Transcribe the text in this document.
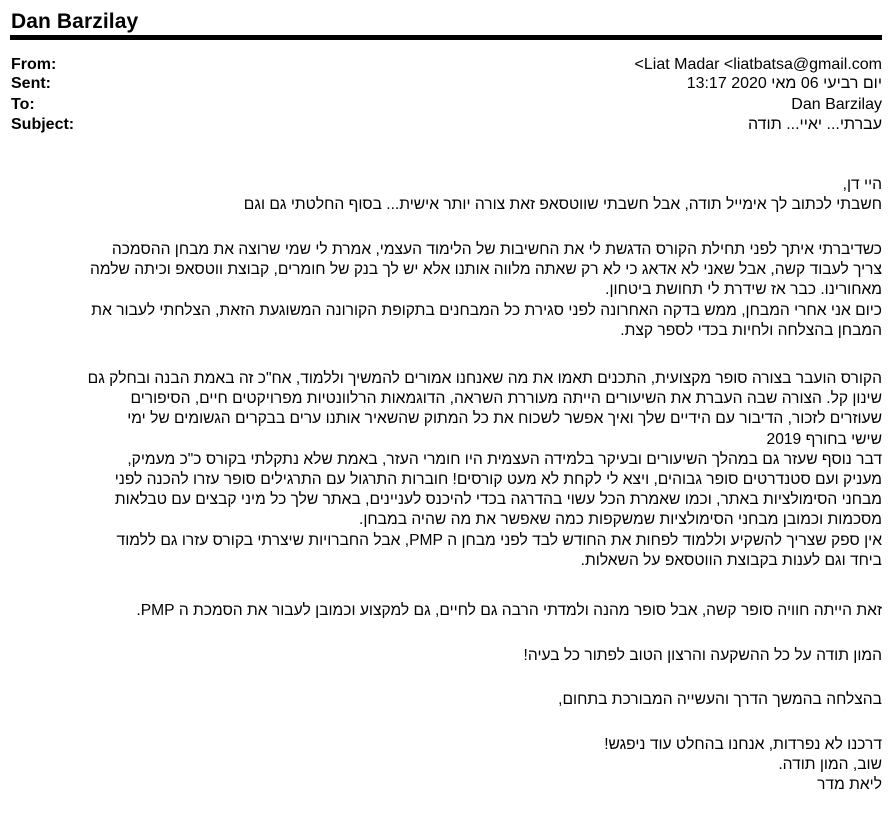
Dan Barzilay
From:
Sent:
To:
Subject:
<Liat Madar <liatbatsa@gmail.com
יום רביעי 06 מאי 2020 13:17
Dan Barzilay
עברתי... יאיי... תודה
היי דן,
חשבתי לכתוב לך אימייל תודה, אבל חשבתי שווטסאפ זאת צורה יותר אישית... בסוף החלטתי גם וגם
כשדיברתי איתך לפני תחילת הקורס הדגשת לי את החשיבות של הלימוד העצמי, אמרת לי שמי שרוצה את מבחן ההסמכה
צריך לעבוד קשה, אבל שאני לא אדאג כי לא רק שאתה מלווה אותנו אלא יש לך בנק של חומרים, קבוצת ווטסאפ וכיתה שלמה
מאחורינו. כבר אז שידרת לי תחושת ביטחון.
כיום אני אחרי המבחן, ממש בדקה האחרונה לפני סגירת כל המבחנים בתקופת הקורונה המשוגעת הזאת, הצלחתי לעבור את
המבחן בהצלחה ולחיות בכדי לספר קצת.
הקורס הועבר בצורה סופר מקצועית, התכנים תאמו את מה שאנחנו אמורים להמשיך וללמוד, אח"כ זה באמת הבנה ובחלק גם
שינון קל. הצורה שבה העברת את השיעורים הייתה מעוררת השראה, הדוגמאות הרלוונטיות מפרויקטים חיים, הסיפורים
שעוזרים לזכור, הדיבור עם הידיים שלך ואיך אפשר לשכוח את כל המתוק שהשאיר אותנו ערים בבקרים הגשומים של ימי
שישי בחורף 2019
דבר נוסף שעזר גם במהלך השיעורים ובעיקר בלמידה העצמית היו חומרי העזר, באמת שלא נתקלתי בקורס כ"כ מעמיק,
מעניק ועם סטנדרטים סופר גבוהים, ויצא לי לקחת לא מעט קורסים! חוברות התרגול עם התרגילים סופר עזרו להכנה לפני
מבחני הסימולציות באתר, וכמו שאמרת הכל עשוי בהדרגה בכדי להיכנס לעניינים, באתר שלך כל מיני קבצים עם טבלאות
מסכמות וכמובן מבחני הסימולציות שמשקפות כמה שאפשר את מה שהיה במבחן.
אין ספק שצריך להשקיע וללמוד לפחות את החודש לבד לפני מבחן ה PMP, אבל החברויות שיצרתי בקורס עזרו גם ללמוד
ביחד וגם לענות בקבוצת הווטסאפ על השאלות.
זאת הייתה חוויה סופר קשה, אבל סופר מהנה ולמדתי הרבה גם לחיים, גם למקצוע וכמובן לעבור את הסמכת ה PMP.
המון תודה על כל ההשקעה והרצון הטוב לפתור כל בעיה!
בהצלחה בהמשך הדרך והעשייה המבורכת בתחום,
דרכנו לא נפרדות, אנחנו בהחלט עוד ניפגש!
שוב, המון תודה.
ליאת מדר
